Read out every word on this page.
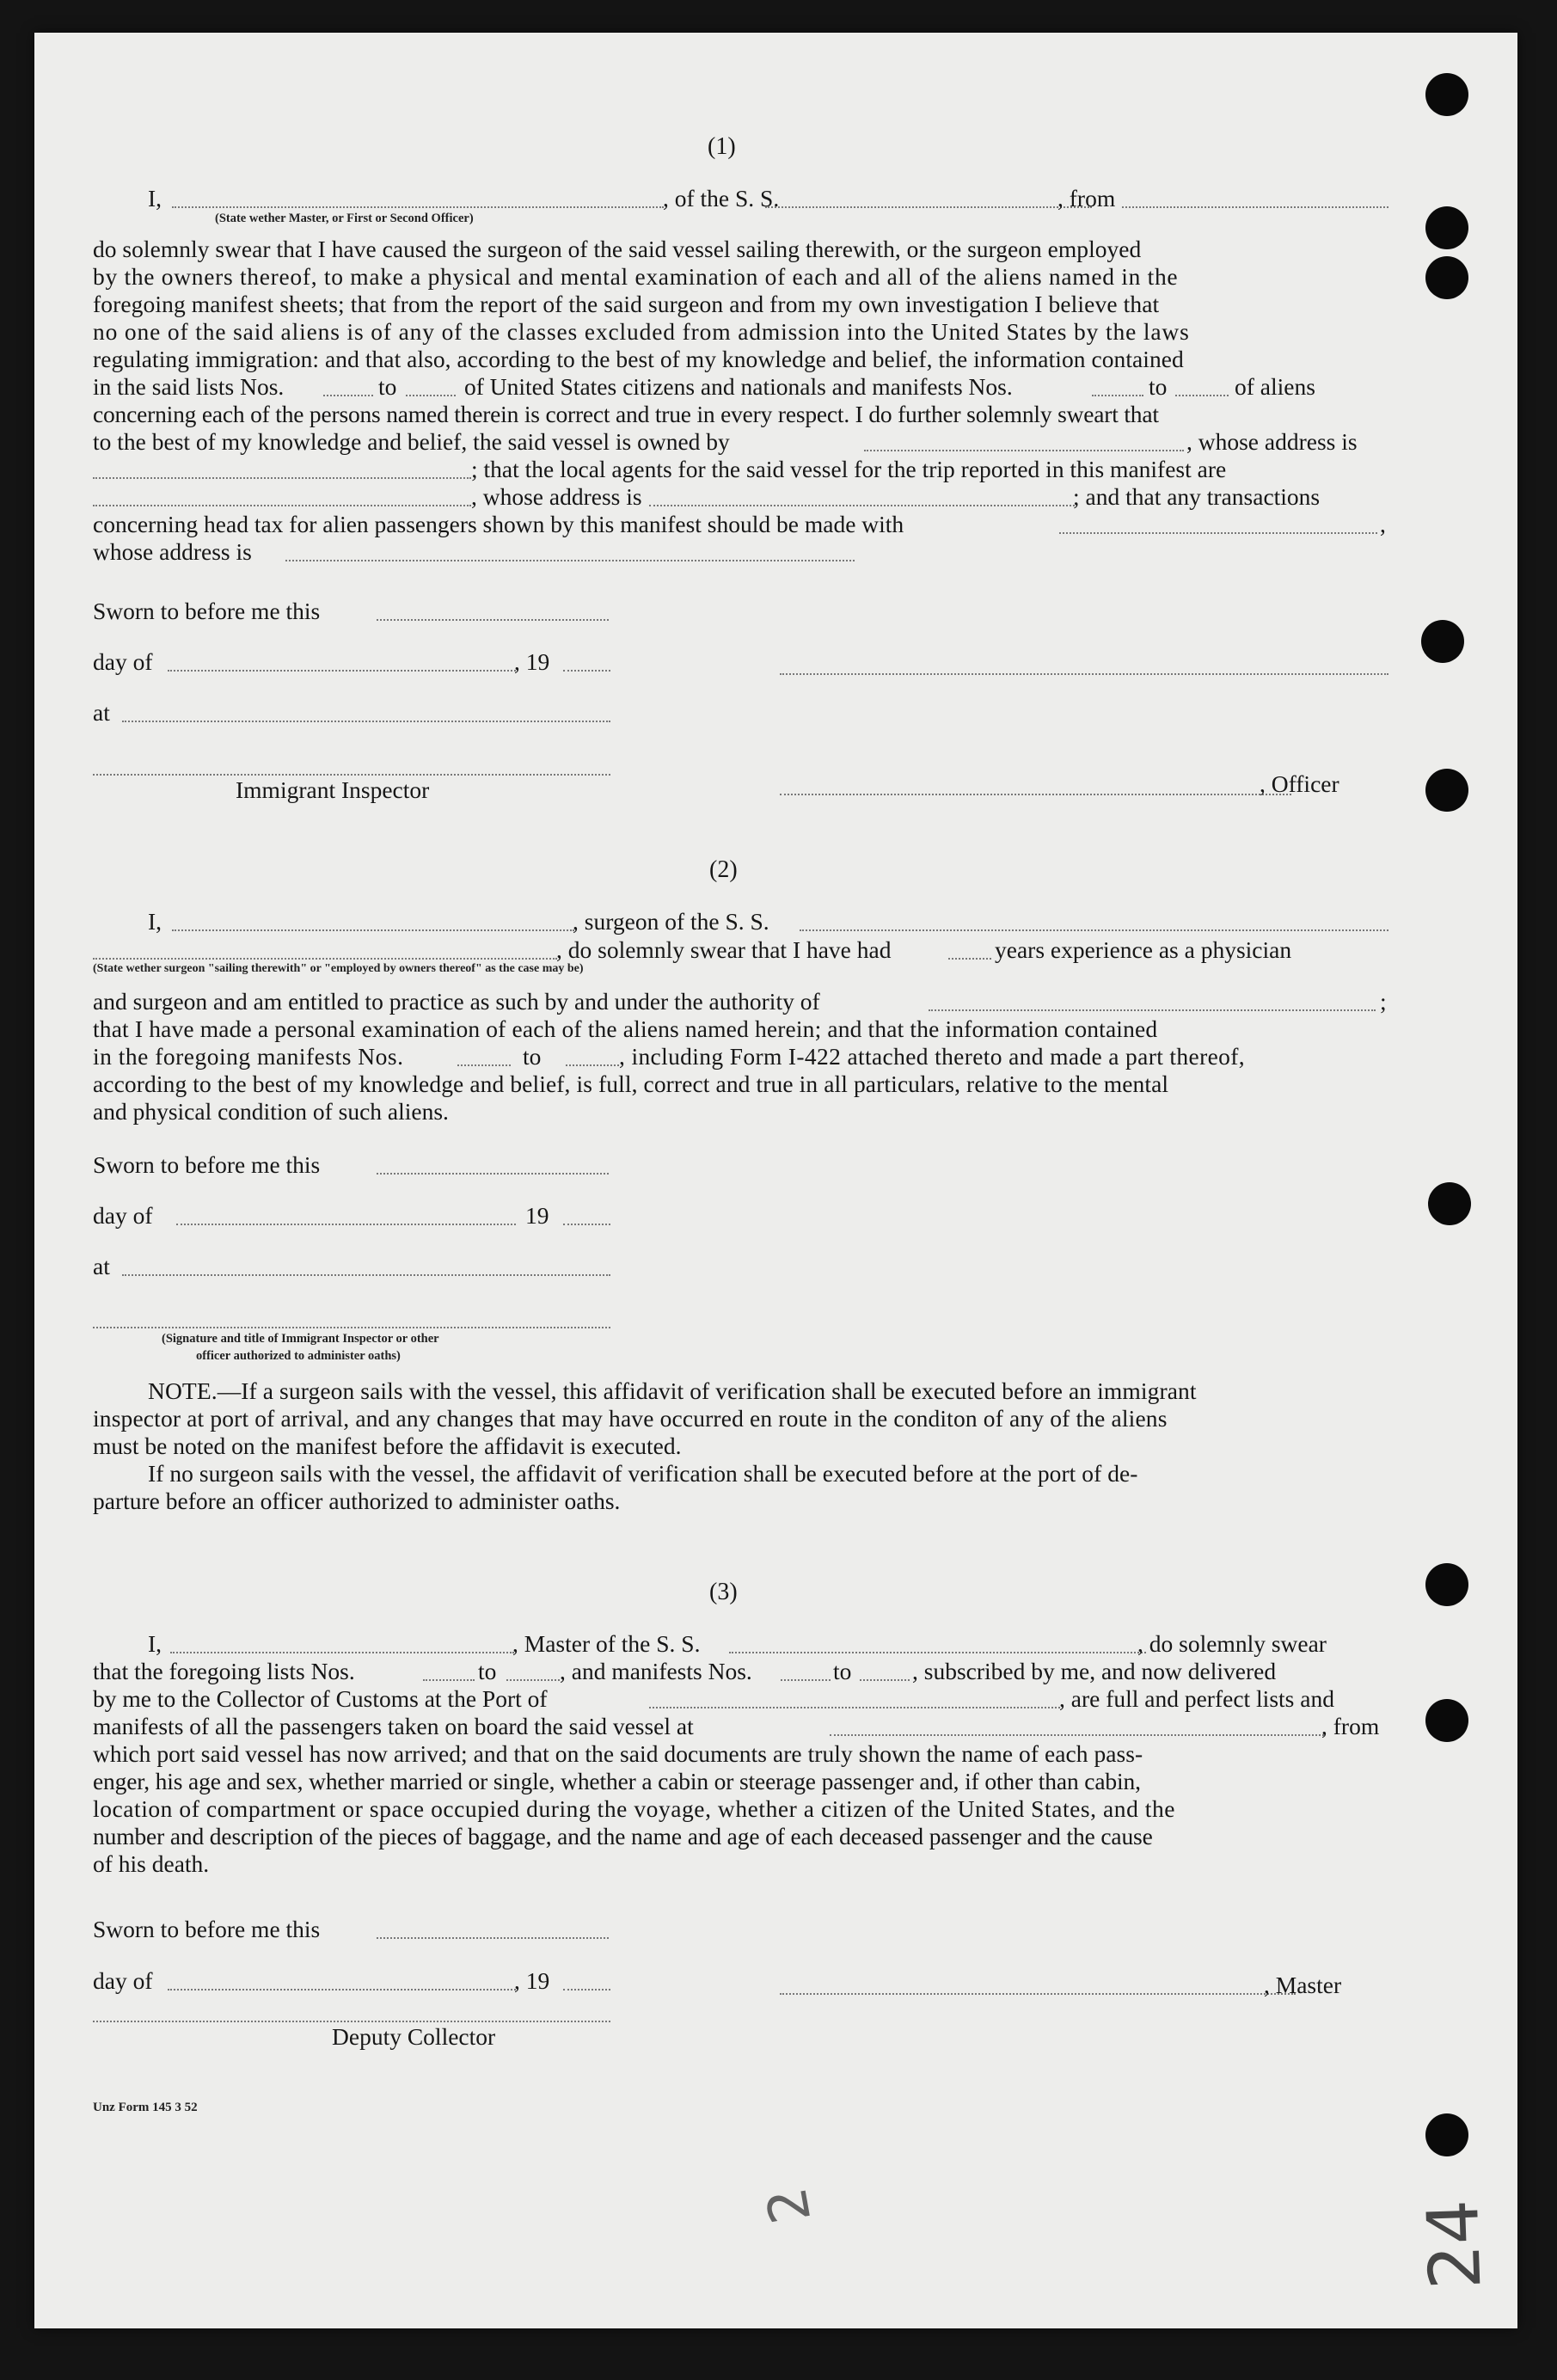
(1)
I,	, of the S. S.	, from
(State wether Master, or First or Second Officer)
do solemnly swear that I have caused the surgeon of the said vessel sailing therewith, or the surgeon employed
by the owners thereof, to make a physical and mental examination of each and all of the aliens named in the
foregoing manifest sheets; that from the report of the said surgeon and from my own investigation I believe that
no one of the said aliens is of any of the classes excluded from admission into the United States by the laws
regulating immigration: and that also, according to the best of my knowledge and belief, the information contained
in the said lists Nos.	to	of United States citizens and nationals and manifests Nos.	to	of aliens
concerning each of the persons named therein is correct and true in every respect. I do further solemnly sweart that
to the best of my knowledge and belief, the said vessel is owned by	, whose address is
; that the local agents for the said vessel for the trip reported in this manifest are
, whose address is	; and that any transactions
concerning head tax for alien passengers shown by this manifest should be made with	,
whose address is
Sworn to before me this
day of	, 19
at
Immigrant Inspector	, Officer
(2)
I,	, surgeon of the S. S.
, do solemnly swear that I have had	years experience as a physician
(State wether surgeon "sailing therewith" or "employed by owners thereof" as the case may be)
and surgeon and am entitled to practice as such by and under the authority of	;
that I have made a personal examination of each of the aliens named herein; and that the information contained
in the foregoing manifests Nos.	to	, including Form I-422 attached thereto and made a part thereof,
according to the best of my knowledge and belief, is full, correct and true in all particulars, relative to the mental
and physical condition of such aliens.
Sworn to before me this
day of	19
at
(Signature and title of Immigrant Inspector or other
officer authorized to administer oaths)
NOTE.—If a surgeon sails with the vessel, this affidavit of verification shall be executed before an immigrant
inspector at port of arrival, and any changes that may have occurred en route in the conditon of any of the aliens
must be noted on the manifest before the affidavit is executed.
If no surgeon sails with the vessel, the affidavit of verification shall be executed before at the port of de-
parture before an officer authorized to administer oaths.
(3)
I,	, Master of the S. S.	, do solemnly swear
that the foregoing lists Nos.	to	, and manifests Nos.	to	, subscribed by me, and now delivered
by me to the Collector of Customs at the Port of	, are full and perfect lists and
manifests of all the passengers taken on board the said vessel at	, from
which port said vessel has now arrived; and that on the said documents are truly shown the name of each pass-
enger, his age and sex, whether married or single, whether a cabin or steerage passenger and, if other than cabin,
location of compartment or space occupied during the voyage, whether a citizen of the United States, and the
number and description of the pieces of baggage, and the name and age of each deceased passenger and the cause
of his death.
Sworn to before me this
day of	, 19	, Master
Deputy Collector
Unz Form 145 3 52
2	24
